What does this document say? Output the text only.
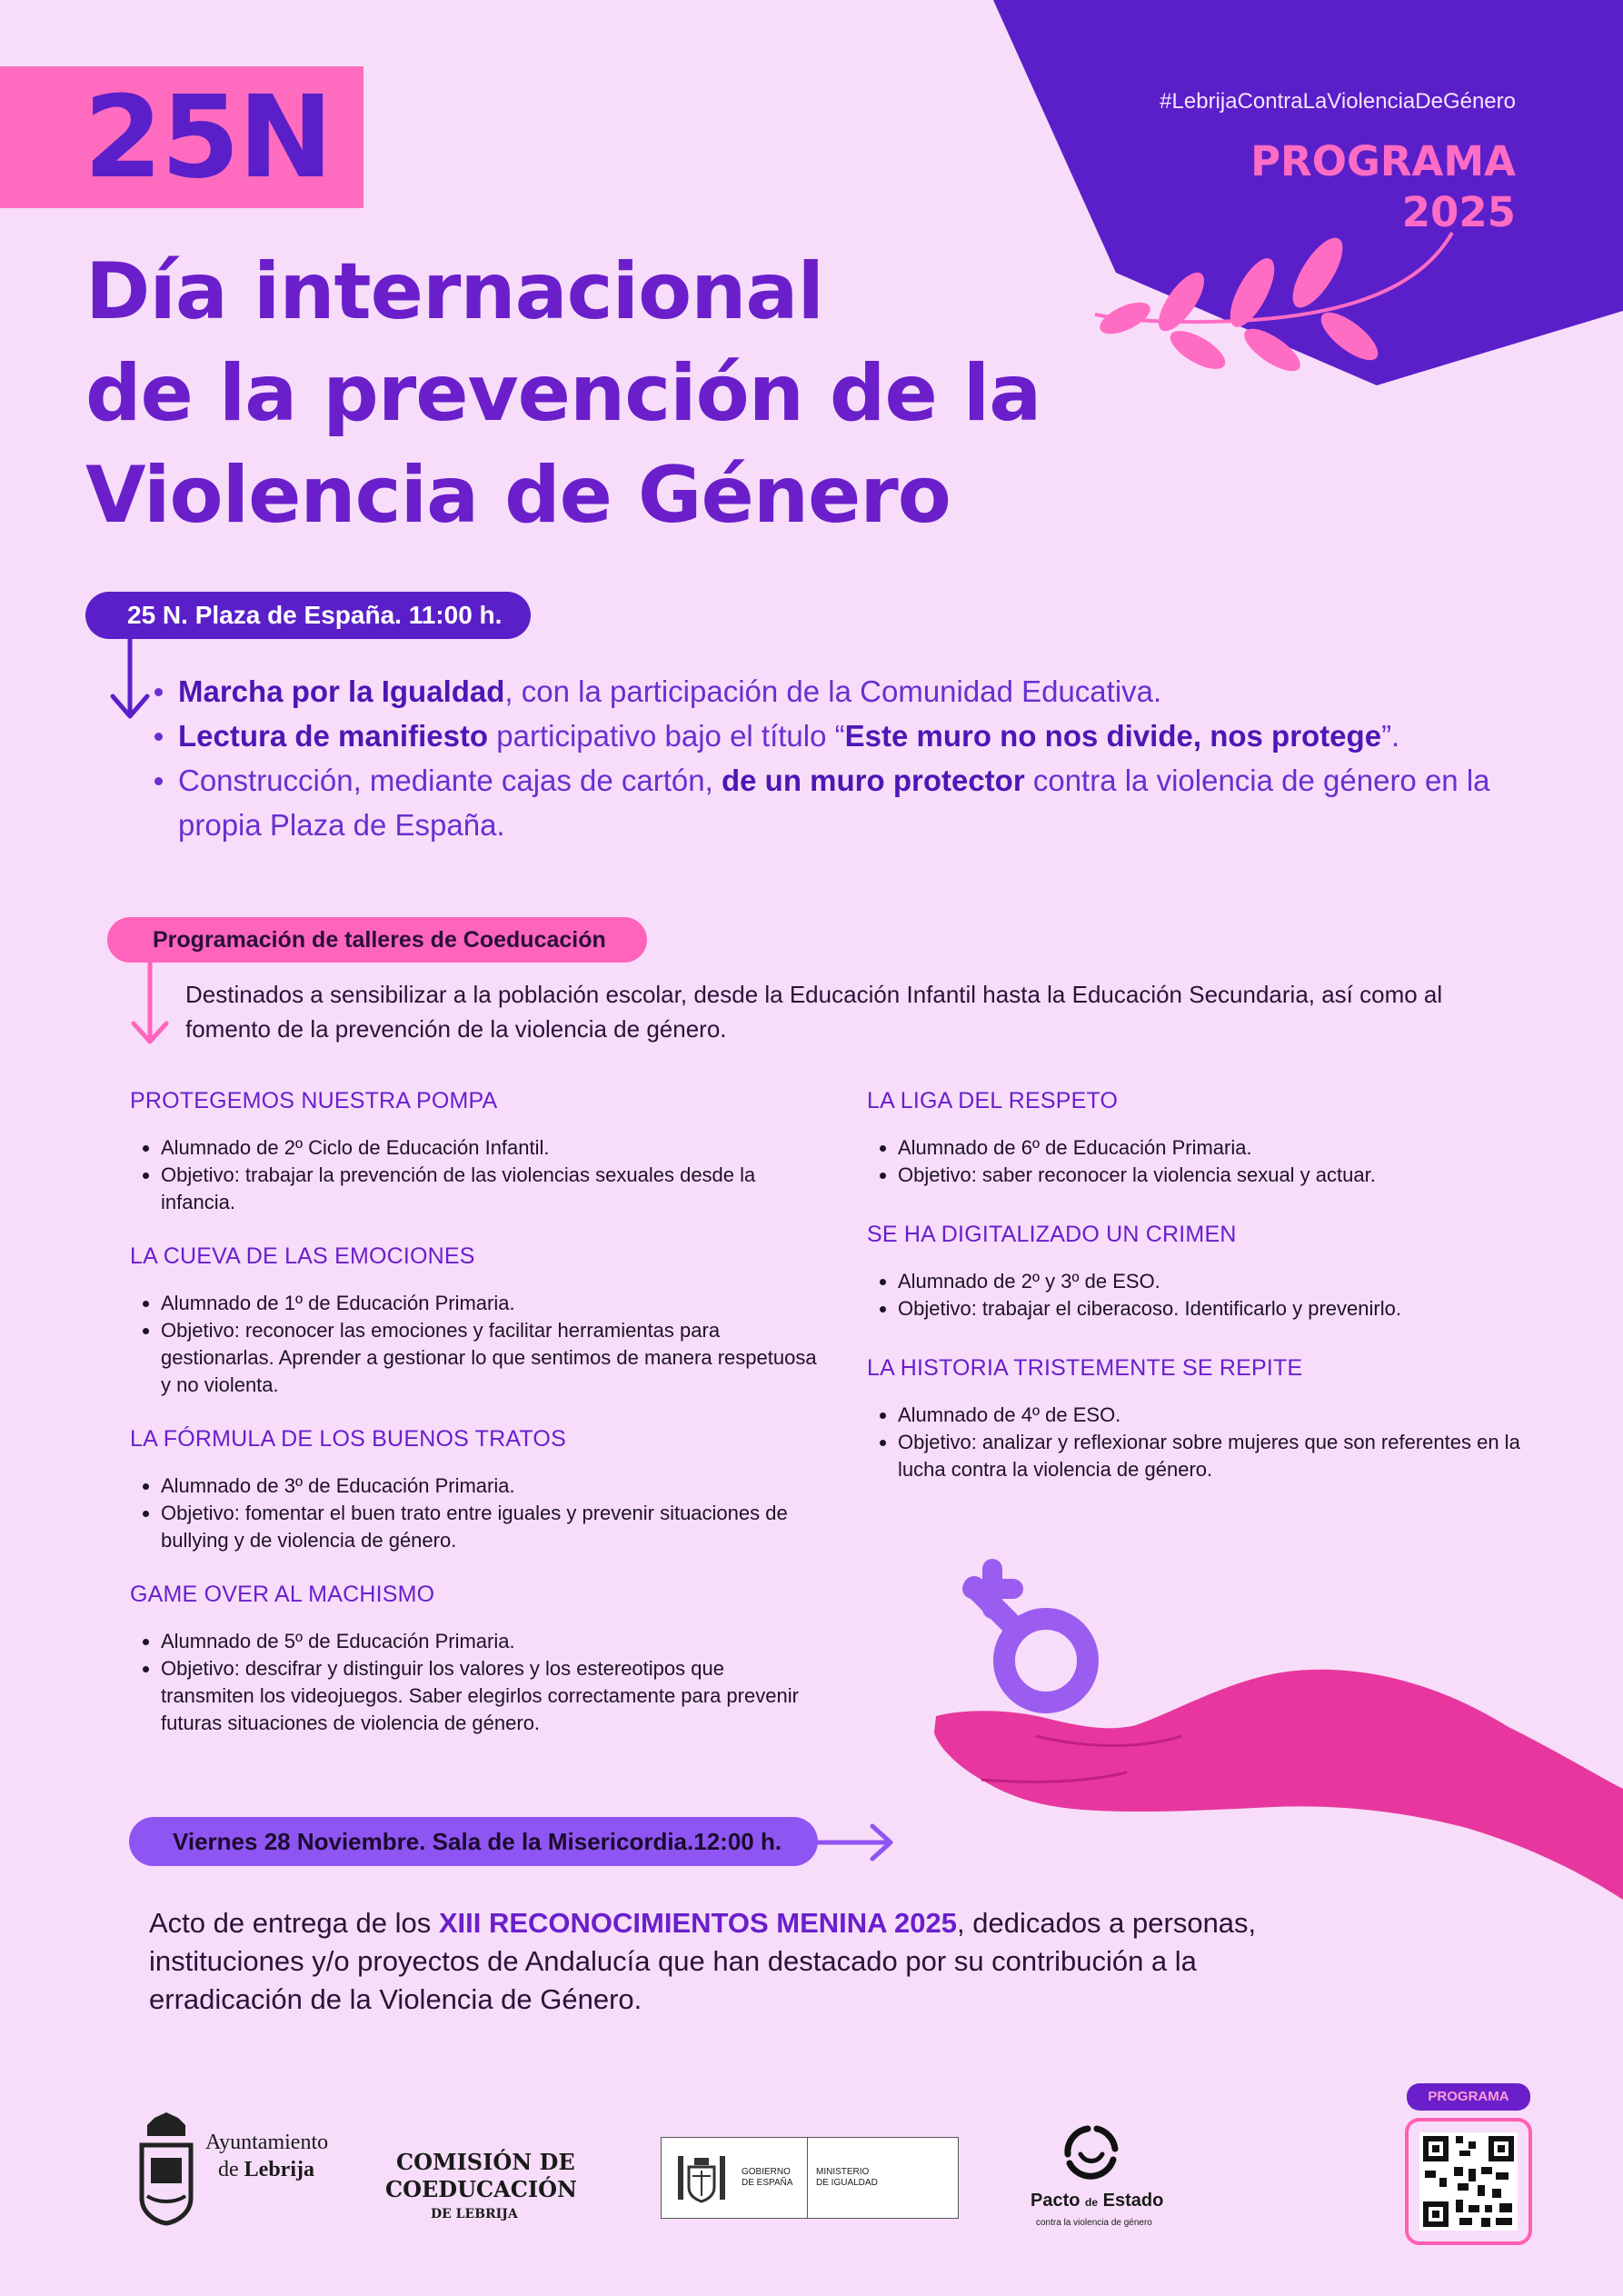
25N	#LebrijaContraLaViolenciaDeGénero
PROGRAMA
2025
Día internacional
de la prevención de la
Violencia de Género
25 N. Plaza de España. 11:00 h.
Marcha por la Igualdad, con la participación de la Comunidad Educativa.
Lectura de manifiesto participativo bajo el título “Este muro no nos divide, nos protege”.
Construcción, mediante cajas de cartón, de un muro protector contra la violencia de género en la propia Plaza de España.
Programación de talleres de Coeducación
Destinados a sensibilizar a la población escolar, desde la Educación Infantil hasta la Educación Secundaria, así como al fomento de la prevención de la violencia de género.

PROTEGEMOS NUESTRA POMPA

• Alumnado de 2º Ciclo de Educación Infantil.
• Objetivo: trabajar la prevención de las violencias sexuales desde la infancia.

LA CUEVA DE LAS EMOCIONES

• Alumnado de 1º de Educación Primaria.
• Objetivo: reconocer las emociones y facilitar herramientas para gestionarlas. Aprender a gestionar lo que sentimos de manera respetuosa y no violenta.

LA FÓRMULA DE LOS BUENOS TRATOS

• Alumnado de 3º de Educación Primaria.
• Objetivo: fomentar el buen trato entre iguales y prevenir situaciones de bullying y de violencia de género.

GAME OVER AL MACHISMO

• Alumnado de 5º de Educación Primaria.
• Objetivo: descifrar y distinguir los valores y los estereotipos que transmiten los videojuegos. Saber elegirlos correctamente para prevenir futuras situaciones de violencia de género.

LA LIGA DEL RESPETO

• Alumnado de 6º de Educación Primaria.
• Objetivo: saber reconocer la violencia sexual y actuar.

SE HA DIGITALIZADO UN CRIMEN

• Alumnado de 2º y 3º de ESO.
• Objetivo: trabajar el ciberacoso. Identificarlo y prevenirlo.

LA HISTORIA TRISTEMENTE SE REPITE

• Alumnado de 4º de ESO.
• Objetivo: analizar y reflexionar sobre mujeres que son referentes en la lucha contra la violencia de género.
Viernes 28 Noviembre. Sala de la Misericordia.12:00 h.
Acto de entrega de los XIII RECONOCIMIENTOS MENINA 2025, dedicados a personas, instituciones y/o proyectos de Andalucía que han destacado por su contribución a la erradicación de la Violencia de Género.
Ayuntamiento
de Lebrija	COMISIÓN DE
COEDUCACIÓN
DE LEBRIJA
GOBIERNO
DE ESPAÑA
MINISTERIO
DE IGUALDAD
Pacto de Estado
contra la violencia de género
PROGRAMA
